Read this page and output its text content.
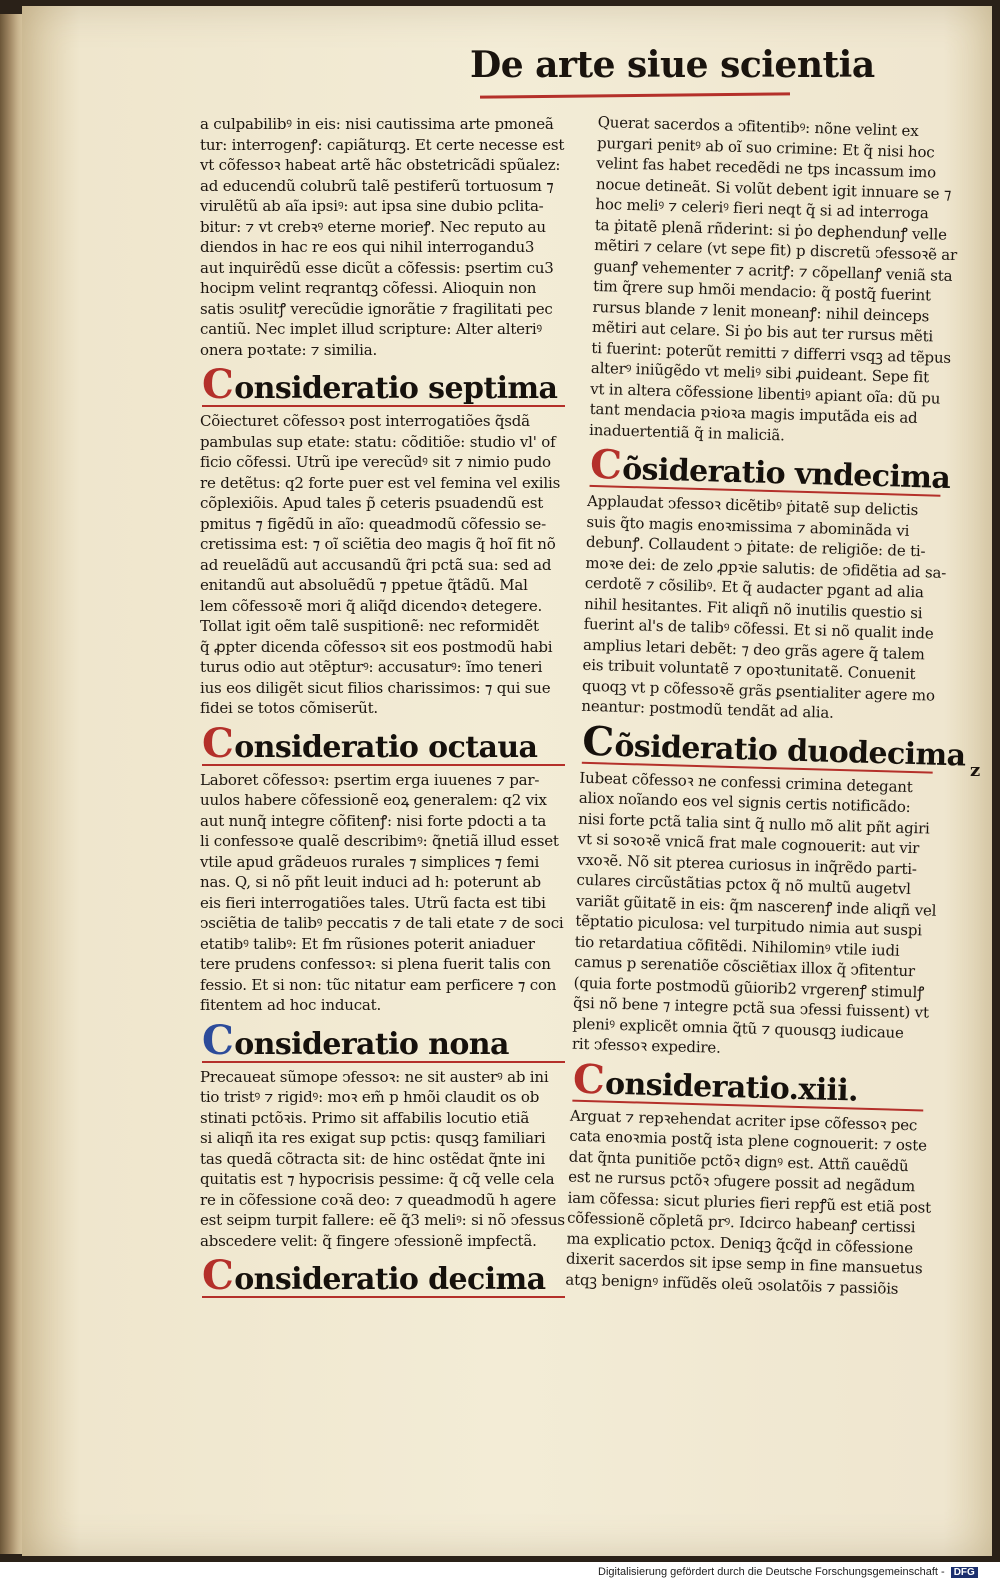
De arte siue scientia

a culpabilibꝰ in eis: nisi cautissima arte pmoneã
tur: interrogenꝭ: capiãturqꝫ. Et certe necesse est
vt cõfessoꝛ habeat artẽ hãc obstetricãdi spũalez:
ad educendũ colubrũ talẽ pestiferũ tortuosum ⁊
virulẽtũ ab aĩa ipsiꝰ: aut ipsa sine dubio pclita-
bitur: ⁊ vt crebꝛꝰ eterne morieꝭ. Nec reputo au
diendos in hac re eos qui nihil interrogandu3
aut inquirẽdũ esse dicũt a cõfessis: psertim cu3
hocipm velint reqrantqꝫ cõfessi. Alioquin non
satis ↄsulitꝭ verecũdie ignorãtie ⁊ fragilitati pec
cantiũ. Nec implet illud scripture: Alter alteriꝰ
onera poꝛtate: ⁊ similia.

Consideratio septima

Cõiecturet cõfessoꝛ post interrogatiões q̃sdã
pambulas sup etate: statu: cõditiõe: studio vl' of
ficio cõfessi. Utrũ ipe verecũdꝰ sit ⁊ nimio pudo
re detẽtus: q2 forte puer est vel femina vel exilis
cõplexiõis. Apud tales p̃ ceteris psuadendũ est
pmitus ⁊ figẽdũ in aĩo: queadmodũ cõfessio se-
cretissima est: ⁊ oĩ sciẽtia deo magis q̃ hoĩ fit nõ
ad reuelãdũ aut accusandũ q̃ri pctã sua: sed ad
enitandũ aut absoluẽdũ ⁊ ppetue q̃tãdũ. Mal
lem cõfessoꝛẽ mori q̃ aliq̃d dicendoꝛ detegere.
Tollat igit oẽm talẽ suspitionẽ: nec reformidẽt
q̃ ꝓpter dicenda cõfessoꝛ sit eos postmodũ habi
turus odio aut ↄtẽpturꝰ: accusaturꝰ: ĩmo teneri
ius eos diligẽt sicut filios charissimos: ⁊ qui sue
fidei se totos cõmiserũt.

Consideratio octaua

Laboret cõfessoꝛ: psertim erga iuuenes ⁊ par-
uulos habere cõfessionẽ eoꝝ generalem: q2 vix
aut nunq̃ integre cõfitenꝭ: nisi forte pdocti a ta
li confessoꝛe qualẽ describimꝰ: q̃netiã illud esset
vtile apud grãdeuos rurales ⁊ simplices ⁊ femi
nas. Q, si nõ pñt leuit induci ad h: poterunt ab
eis fieri interrogatiões tales. Utrũ facta est tibi
ↄsciẽtia de talibꝰ peccatis ⁊ de tali etate ⁊ de soci
etatibꝰ talibꝰ: Et fm rũsiones poterit aniaduer
tere prudens confessoꝛ: si plena fuerit talis con
fessio. Et si non: tũc nitatur eam perficere ⁊ con
fitentem ad hoc inducat.

Consideratio nona

Precaueat sũmope ↄfessoꝛ: ne sit austerꝰ ab ini
tio tristꝰ ⁊ rigidꝰ: moꝛ em̃ p hmõi claudit os ob
stinati pctõꝛis. Primo sit affabilis locutio etiã
si aliqñ ita res exigat sup pctis: qusqꝫ familiari
tas quedã cõtracta sit: de hinc ostẽdat q̃nte ini
quitatis est ⁊ hypocrisis pessime: q̃ cq̃ velle cela
re in cõfessione coꝛã deo: ⁊ queadmodũ h agere
est seipm turpit fallere: eẽ q̃3 meliꝰ: si nõ ↄfessus
abscedere velit: q̃ fingere ↄfessionẽ impfectã.

Consideratio decima

Querat sacerdos a ↄfitentibꝰ: nõne velint ex
purgari penitꝰ ab oĩ suo crimine: Et q̃ nisi hoc
velint fas habet recedẽdi ne tps incassum imo
nocue detineãt. Si volũt debent igit innuare se ⁊
hoc meliꝰ ⁊ celeriꝰ fieri neqt q̃ si ad interroga
ta ṗitatẽ plenã rñderint: si ṗo deꝑhendunꝭ velle
mẽtiri ⁊ celare (vt sepe fit) p discretũ ↄfessoꝛẽ ar
guanꝭ vehementer ⁊ acritꝭ: ⁊ cõpellanꝭ veniã sta
tim q̃rere sup hmõi mendacio: q̃ postq̃ fuerint
rursus blande ⁊ lenit moneanꝭ: nihil deinceps
mẽtiri aut celare. Si ṗo bis aut ter rursus mẽti
ti fuerint: poterũt remitti ⁊ differri vsqꝫ ad tẽpus
alterꝰ iniũgẽdo vt meliꝰ sibi ꝓuideant. Sepe fit
vt in altera cõfessione libentiꝰ apiant oĩa: dũ pu
tant mendacia pꝛioꝛa magis imputãda eis ad
inaduertentiã q̃ in maliciã.

Cõsideratio vndecima

Applaudat ↄfessoꝛ dicẽtibꝰ ṗitatẽ sup delictis
suis q̃to magis enoꝛmissima ⁊ abominãda vi
debunꝭ. Collaudent ↄ ṗitate: de religiõe: de ti-
moꝛe dei: de zelo ꝓpꝛie salutis: de ↄfidẽtia ad sa-
cerdotẽ ⁊ cõsilibꝰ. Et q̃ audacter pgant ad alia
nihil hesitantes. Fit aliqñ nõ inutilis questio si
fuerint al's de talibꝰ cõfessi. Et si nõ qualit inde
amplius letari debẽt: ⁊ deo grãs agere q̃ talem
eis tribuit voluntatẽ ⁊ opoꝛtunitatẽ. Conuenit
quoqꝫ vt p cõfessoꝛẽ grãs ꝑsentialiter agere mo
neantur: postmodũ tendãt ad alia.

Cõsideratio duodecima

Iubeat cõfessoꝛ ne confessi crimina detegant
aliox noĩando eos vel signis certis notificãdo:
nisi forte pctã talia sint q̃ nullo mõ alit pñt agiri
vt si soꝛoꝛẽ vnicã frat male cognouerit: aut vir
vxoꝛẽ. Nõ sit pterea curiosus in inq̃rẽdo parti-
culares circũstãtias pctox q̃ nõ multũ augetvl
variãt gũitatẽ in eis: q̃m nascerenꝭ inde aliqñ vel
tẽptatio piculosa: vel turpitudo nimia aut suspi
tio retardatiua cõfitẽdi. Nihilominꝰ vtile iudi
camus p serenatiõe cõsciẽtiax illox q̃ ↄfitentur
(quia forte postmodũ gũiorib2 vrgerenꝭ stimulꝭ
q̃si nõ bene ⁊ integre pctã sua ↄfessi fuissent) vt
pleniꝰ explicẽt omnia q̃tũ ⁊ quousqꝫ iudicaue
rit ↄfessoꝛ expedire.

Consideratio.xiii.

Arguat ⁊ repꝛehendat acriter ipse cõfessoꝛ pec
cata enoꝛmia postq̃ ista plene cognouerit: ⁊ oste
dat q̃nta punitiõe pctõꝛ dignꝰ est. Attñ cauẽdũ
est ne rursus pctõꝛ ↄfugere possit ad negãdum
iam cõfessa: sicut pluries fieri repꝭũ est etiã post
cõfessionẽ cõpletã prꝰ. Idcirco habeanꝭ certissi
ma explicatio pctox. Deniqꝫ q̃cq̃d in cõfessione
dixerit sacerdos sit ipse semp in fine mansuetus
atqꝫ benignꝰ infũdẽs oleũ ↄsolatõis ⁊ passiõis

z
Digitalisierung gefördert durch die Deutsche Forschungsgemeinschaft - DFG
